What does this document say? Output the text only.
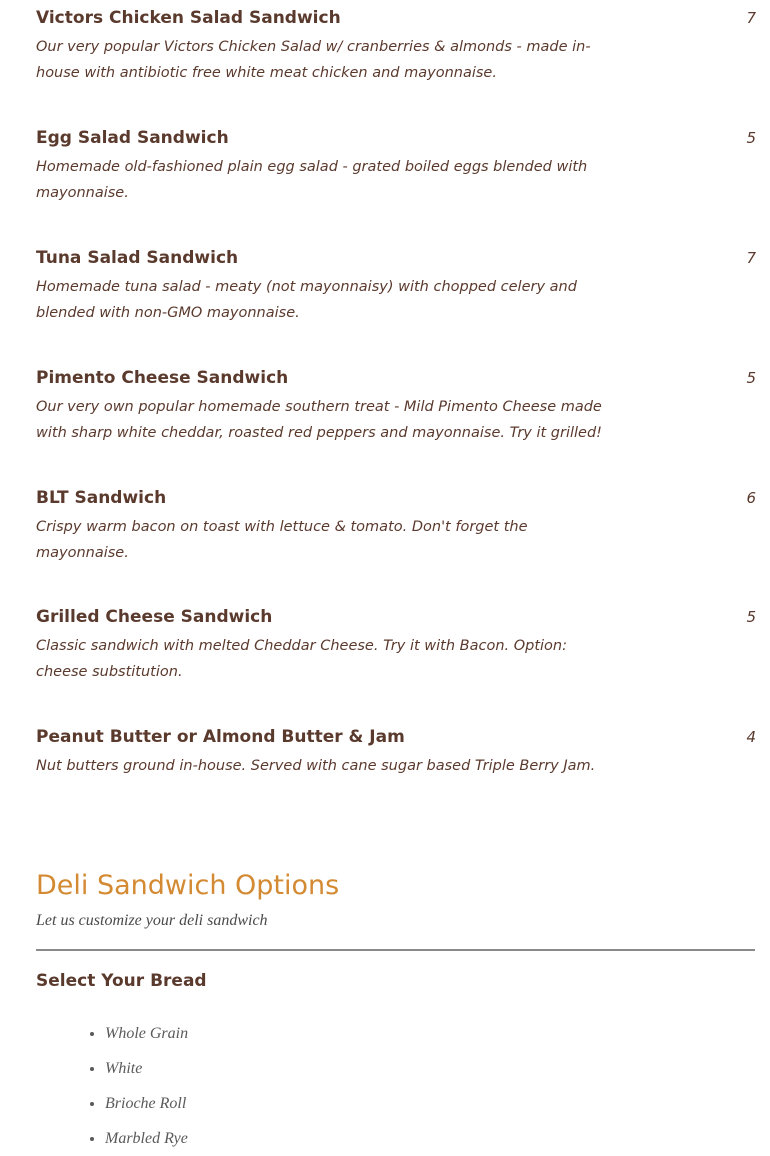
Victors Chicken Salad Sandwich	7
Our very popular Victors Chicken Salad w/ cranberries & almonds - made in-house with antibiotic free white meat chicken and mayonnaise.
Egg Salad Sandwich	5
Homemade old-fashioned plain egg salad - grated boiled eggs blended with mayonnaise.
Tuna Salad Sandwich	7
Homemade tuna salad - meaty (not mayonnaisy) with chopped celery and blended with non-GMO mayonnaise.
Pimento Cheese Sandwich	5
Our very own popular homemade southern treat - Mild Pimento Cheese made with sharp white cheddar, roasted red peppers and mayonnaise. Try it grilled!
BLT Sandwich	6
Crispy warm bacon on toast with lettuce & tomato. Don't forget the mayonnaise.
Grilled Cheese Sandwich	5
Classic sandwich with melted Cheddar Cheese. Try it with Bacon. Option: cheese substitution.
Peanut Butter or Almond Butter & Jam	4
Nut butters ground in-house. Served with cane sugar based Triple Berry Jam.
Deli Sandwich Options
Let us customize your deli sandwich
Select Your Bread
• Whole Grain
• White
• Brioche Roll
• Marbled Rye
